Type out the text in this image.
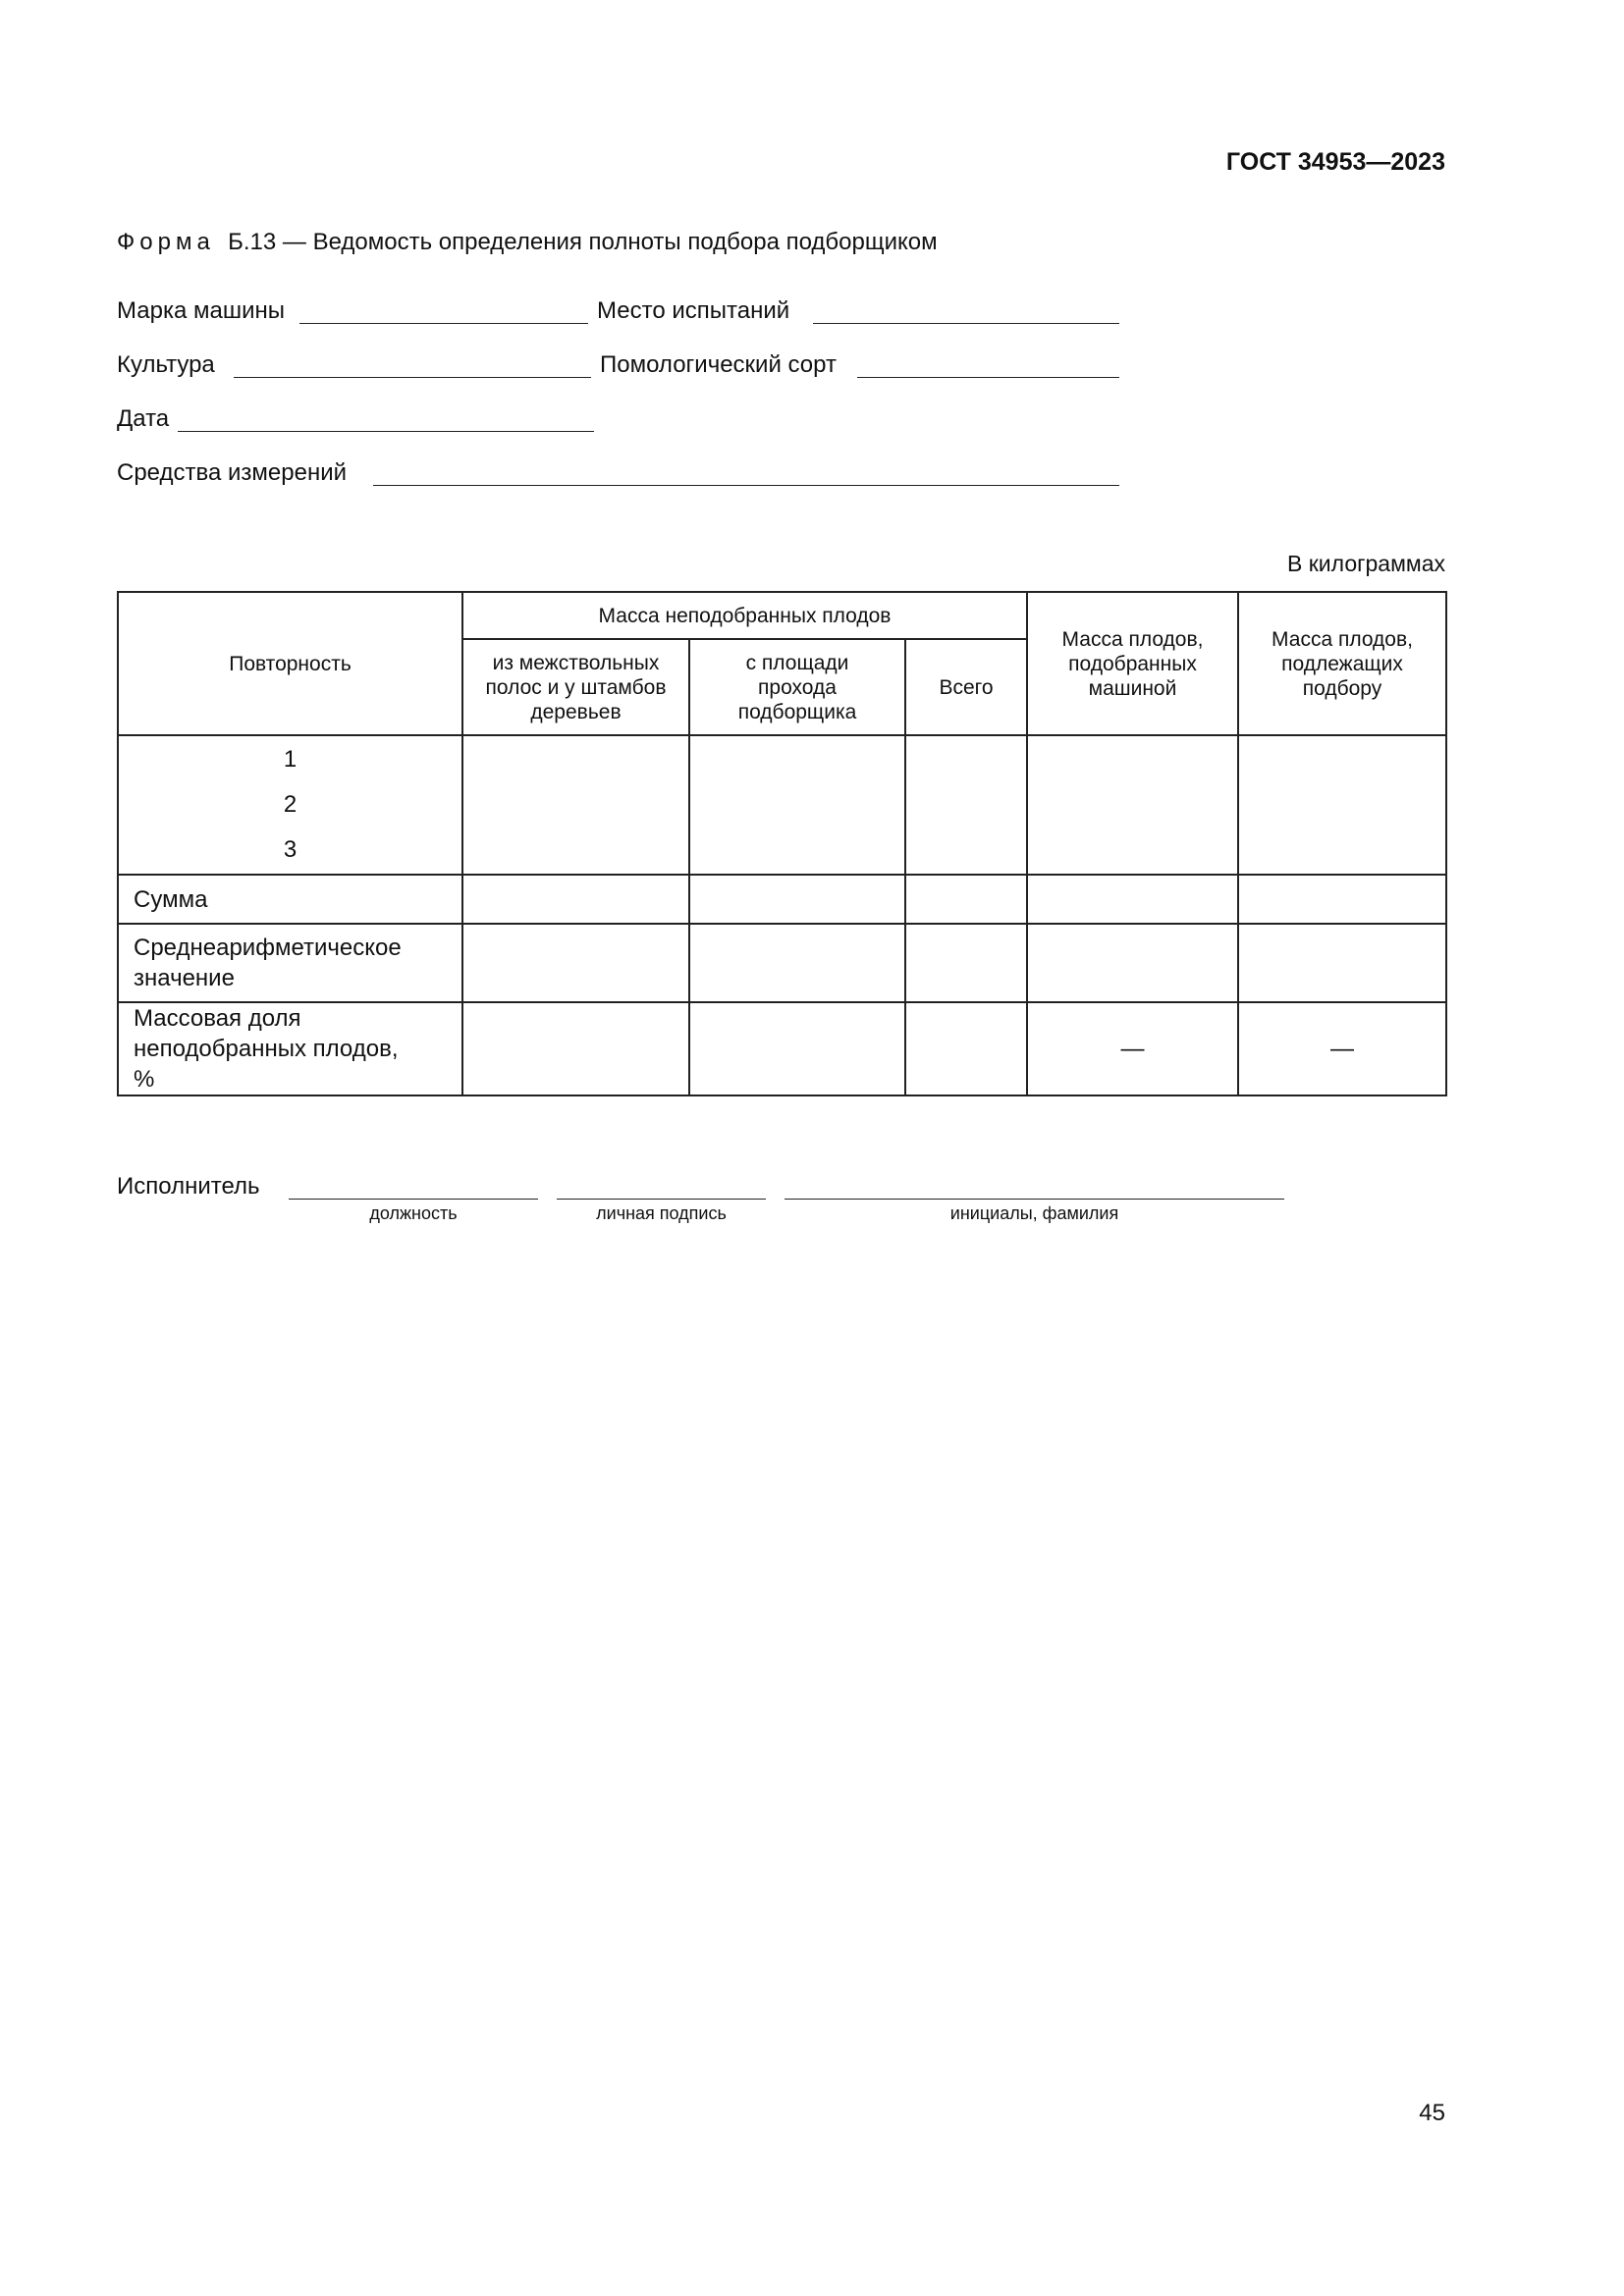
ГОСТ 34953—2023
Форма Б.13 — Ведомость определения полноты подбора подборщиком
Марка машины	Место испытаний
Культура	Помологический сорт
Дата
Средства измерений
В килограммах
Повторность	Масса неподобранных плодов			Масса плодов, подобранных машиной	Масса плодов, подлежащих подбору

	из межствольных полос и у штамбов деревьев	с площади прохода подборщика	Всего		

1
2
3					

Сумма					

Среднеарифметическое значение					

Массовая доля неподобранных плодов, %				—	—
Исполнитель
должность	личная подпись	инициалы, фамилия
45
